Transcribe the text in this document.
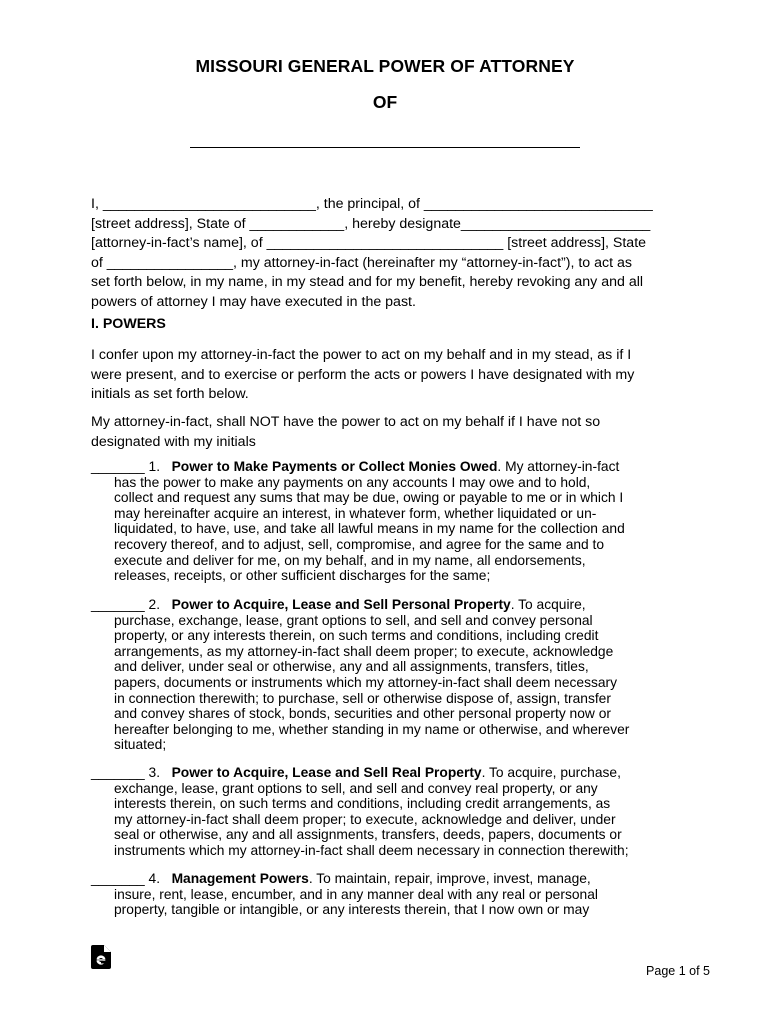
MISSOURI GENERAL POWER OF ATTORNEY
OF
I, ___________________________, the principal, of _____________________________
[street address], State of ____________, hereby designate________________________
[attorney-in-fact’s name], of ______________________________ [street address], State
of ________________, my attorney-in-fact (hereinafter my “attorney-in-fact”), to act as
set forth below, in my name, in my stead and for my benefit, hereby revoking any and all
powers of attorney I may have executed in the past.
I. POWERS
I confer upon my attorney-in-fact the power to act on my behalf and in my stead, as if I
were present, and to exercise or perform the acts or powers I have designated with my
initials as set forth below.
My attorney-in-fact, shall NOT have the power to act on my behalf if I have not so
designated with my initials
_______ 1. Power to Make Payments or Collect Monies Owed. My attorney-in-fact
has the power to make any payments on any accounts I may owe and to hold,
collect and request any sums that may be due, owing or payable to me or in which I
may hereinafter acquire an interest, in whatever form, whether liquidated or un-
liquidated, to have, use, and take all lawful means in my name for the collection and
recovery thereof, and to adjust, sell, compromise, and agree for the same and to
execute and deliver for me, on my behalf, and in my name, all endorsements,
releases, receipts, or other sufficient discharges for the same;
_______ 2. Power to Acquire, Lease and Sell Personal Property. To acquire,
purchase, exchange, lease, grant options to sell, and sell and convey personal
property, or any interests therein, on such terms and conditions, including credit
arrangements, as my attorney-in-fact shall deem proper; to execute, acknowledge
and deliver, under seal or otherwise, any and all assignments, transfers, titles,
papers, documents or instruments which my attorney-in-fact shall deem necessary
in connection therewith; to purchase, sell or otherwise dispose of, assign, transfer
and convey shares of stock, bonds, securities and other personal property now or
hereafter belonging to me, whether standing in my name or otherwise, and wherever
situated;
_______ 3. Power to Acquire, Lease and Sell Real Property. To acquire, purchase,
exchange, lease, grant options to sell, and sell and convey real property, or any
interests therein, on such terms and conditions, including credit arrangements, as
my attorney-in-fact shall deem proper; to execute, acknowledge and deliver, under
seal or otherwise, any and all assignments, transfers, deeds, papers, documents or
instruments which my attorney-in-fact shall deem necessary in connection therewith;
_______ 4. Management Powers. To maintain, repair, improve, invest, manage,
insure, rent, lease, encumber, and in any manner deal with any real or personal
property, tangible or intangible, or any interests therein, that I now own or may
Page 1 of 5
